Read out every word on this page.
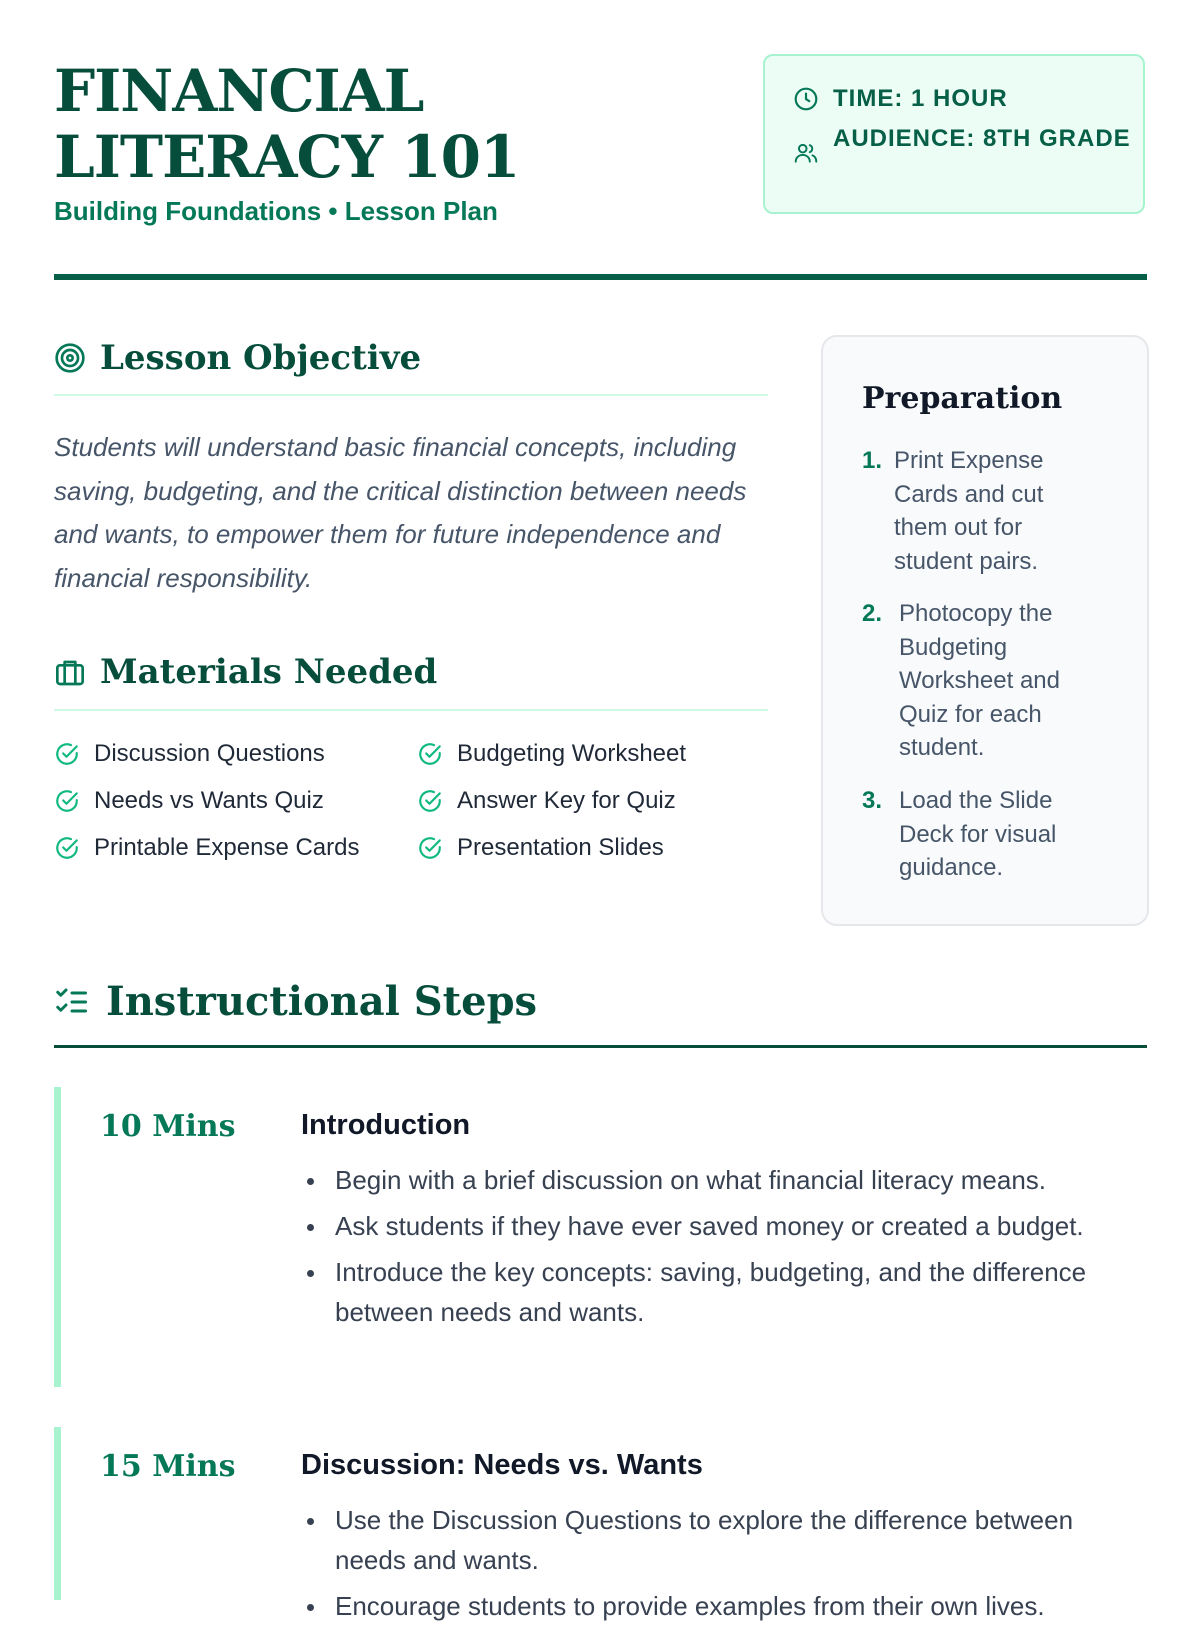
FINANCIAL LITERACY 101
Building Foundations • Lesson Plan
TIME: 1 HOUR
AUDIENCE: 8TH GRADE
Lesson Objective

Students will understand basic financial concepts, including saving, budgeting, and the critical distinction between needs and wants, to empower them for future independence and financial responsibility.

Materials Needed
Discussion Questions	Budgeting Worksheet
Needs vs Wants Quiz	Answer Key for Quiz
Printable Expense Cards	Presentation Slides
Preparation
1. Print Expense Cards and cut them out for student pairs.
2. Photocopy the Budgeting Worksheet and Quiz for each student.
3. Load the Slide Deck for visual guidance.
Instructional Steps
10 Mins Introduction
Begin with a brief discussion on what financial literacy means.
Ask students if they have ever saved money or created a budget.
Introduce the key concepts: saving, budgeting, and the difference between needs and wants.
15 Mins Discussion: Needs vs. Wants
Use the Discussion Questions to explore the difference between needs and wants.
Encourage students to provide examples from their own lives.
